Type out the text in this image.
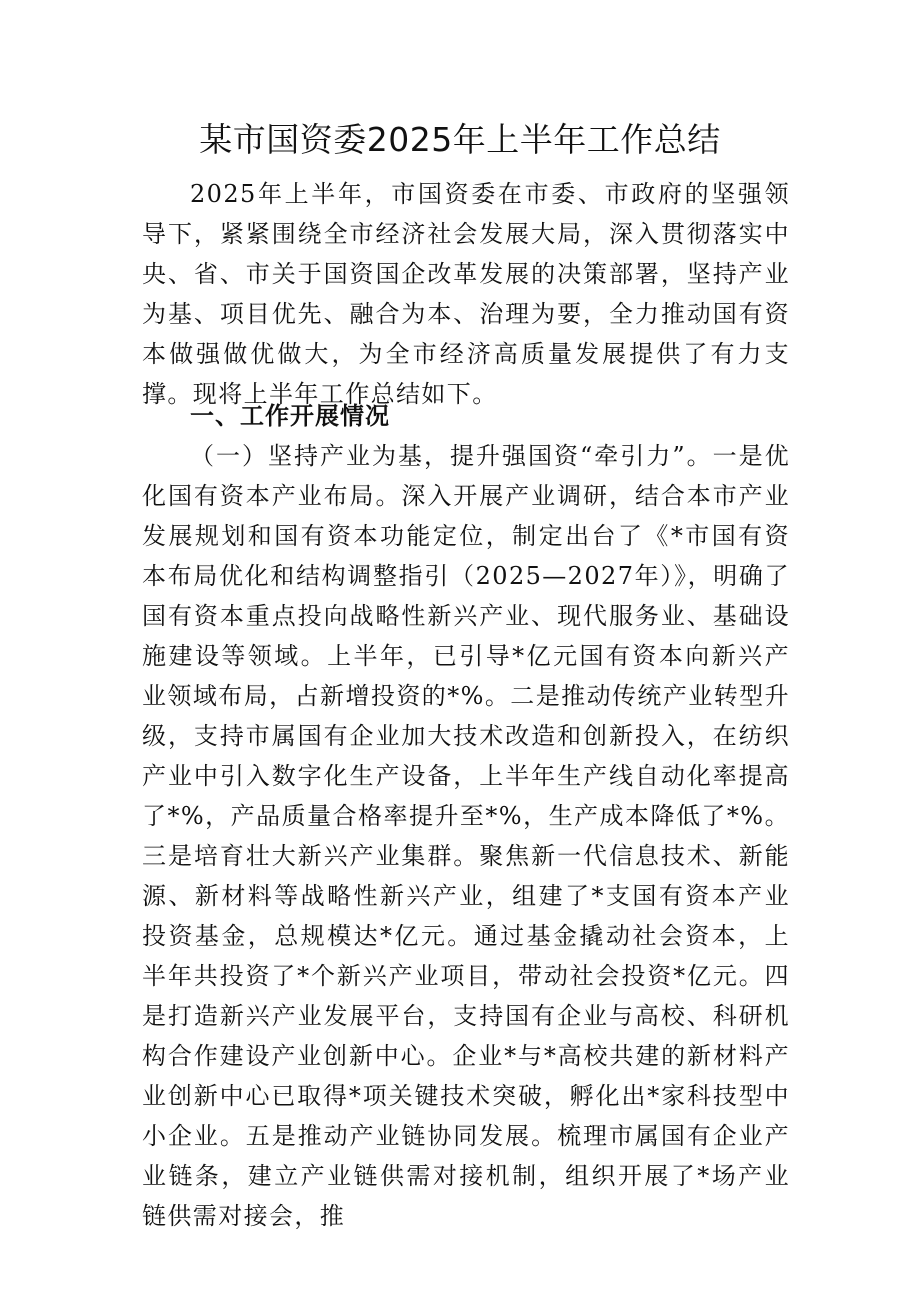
某市国资委2025年上半年工作总结

2025年上半年，市国资委在市委、市政府的坚强领导下，紧紧围绕全市经济社会发展大局，深入贯彻落实中央、省、市关于国资国企改革发展的决策部署，坚持产业为基、项目优先、融合为本、治理为要，全力推动国有资本做强做优做大，为全市经济高质量发展提供了有力支撑。现将上半年工作总结如下。

一、工作开展情况

（一）坚持产业为基，提升强国资“牵引力”。一是优化国有资本产业布局。深入开展产业调研，结合本市产业发展规划和国有资本功能定位，制定出台了《*市国有资本布局优化和结构调整指引（2025—2027年）》，明确了国有资本重点投向战略性新兴产业、现代服务业、基础设施建设等领域。上半年，已引导*亿元国有资本向新兴产业领域布局，占新增投资的*%。二是推动传统产业转型升级，支持市属国有企业加大技术改造和创新投入，在纺织产业中引入数字化生产设备，上半年生产线自动化率提高了*%，产品质量合格率提升至*%，生产成本降低了*%。三是培育壮大新兴产业集群。聚焦新一代信息技术、新能源、新材料等战略性新兴产业，组建了*支国有资本产业投资基金，总规模达*亿元。通过基金撬动社会资本，上半年共投资了*个新兴产业项目，带动社会投资*亿元。四是打造新兴产业发展平台，支持国有企业与高校、科研机构合作建设产业创新中心。企业*与*高校共建的新材料产业创新中心已取得*项关键技术突破，孵化出*家科技型中小企业。五是推动产业链协同发展。梳理市属国有企业产业链条，建立产业链供需对接机制，组织开展了*场产业链供需对接会，推
